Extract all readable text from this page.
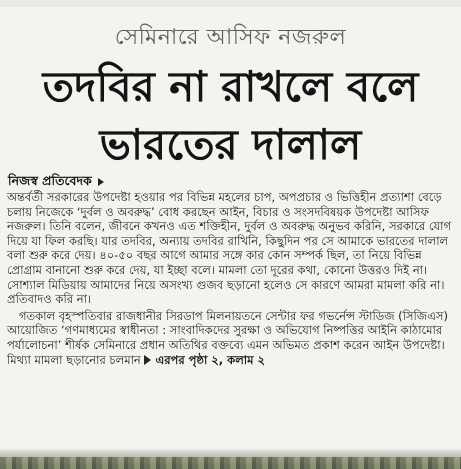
সেমিনারে আসিফ নজরুল
তদবির না রাখলে বলে
ভারতের দালাল
নিজস্ব প্রতিবেদক

অন্তর্বর্তী সরকারের উপদেষ্টা হওয়ার পর বিভিন্ন মহলের চাপ, অপপ্রচার ও ভিত্তিহীন প্রত্যাশা বেড়ে চলায় নিজেকে ‘দুর্বল ও অবরুদ্ধ’ বোধ করছেন আইন, বিচার ও সংসদবিষয়ক উপদেষ্টা আসিফ নজরুল। তিনি বলেন, জীবনে কখনও এত শক্তিহীন, দুর্বল ও অবরুদ্ধ অনুভব করিনি, সরকারে যোগ দিয়ে যা ফিল করছি। যার তদবির, অন্যায় তদবির রাখিনি, কিছুদিন পর সে আমাকে ভারতের দালাল বলা শুরু করে দেয়। ৪০-৫০ বছর আগে আমার সঙ্গে কার কোন সম্পর্ক ছিল, তা নিয়ে বিভিন্ন প্রোগ্রাম বানানো শুরু করে দেয়, যা ইচ্ছা বলে। মামলা তো দূরের কথা, কোনো উত্তরও দিই না। সোশ্যাল মিডিয়ায় আমাদের নিয়ে অসংখ্য গুজব ছড়ানো হলেও সে কারণে আমরা মামলা করি না। প্রতিবাদও করি না।

গতকাল বৃহস্পতিবার রাজধানীর সিরডাপ মিলনায়তনে সেন্টার ফর গভর্নেন্স স্টাডিজ (সিজিএস) আয়োজিত ‘গণমাধ্যমের স্বাধীনতা : সাংবাদিকদের সুরক্ষা ও অভিযোগ নিষ্পত্তির আইনি কাঠামোর পর্যালোচনা’ শীর্ষক সেমিনারে প্রধান অতিথির বক্তব্যে এমন অভিমত প্রকাশ করেন আইন উপদেষ্টা। মিথ্যা মামলা ছড়ানোর চলমান এরপর পৃষ্ঠা ২, কলাম ২
